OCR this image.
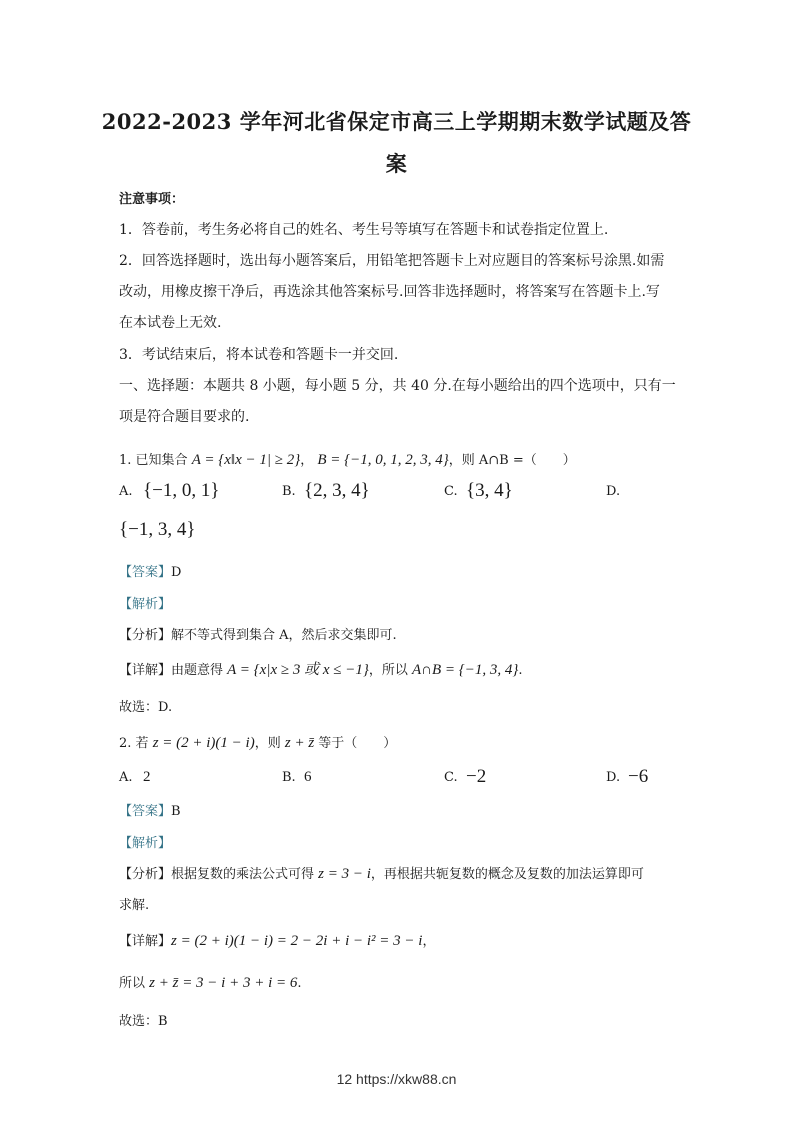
2022-2023 学年河北省保定市高三上学期期末数学试题及答
案
注意事项：
1．答卷前，考生务必将自己的姓名、考生号等填写在答题卡和试卷指定位置上.
2．回答选择题时，选出每小题答案后，用铅笔把答题卡上对应题目的答案标号涂黑.如需
改动，用橡皮擦干净后，再选涂其他答案标号.回答非选择题时，将答案写在答题卡上.写
在本试卷上无效.
3．考试结束后，将本试卷和答题卡一并交回.
一、选择题：本题共 8 小题，每小题 5 分，共 40 分.在每小题给出的四个选项中，只有一
项是符合题目要求的.
1. 已知集合 A = {x‖x − 1| ≥ 2}， B = {−1, 0, 1, 2, 3, 4}，则 A∩B =（　　）
A. {−1, 0, 1}	B. {2, 3, 4}	C. {3, 4}	D.
{−1, 3, 4}
【答案】D
【解析】
【分析】解不等式得到集合 A，然后求交集即可.
【详解】由题意得 A = {x|x ≥ 3 或 x ≤ −1}，所以 A∩B = {−1, 3, 4}.
故选：D.
2. 若 z = (2 + i)(1 − i)，则 z + z̄ 等于（　　）
A. 2	B. 6	C. −2	D. −6
【答案】B
【解析】
【分析】根据复数的乘法公式可得 z = 3 − i，再根据共轭复数的概念及复数的加法运算即可
求解.
【详解】z = (2 + i)(1 − i) = 2 − 2i + i − i² = 3 − i，
所以 z + z̄ = 3 − i + 3 + i = 6.
故选：B
12 https://xkw88.cn
